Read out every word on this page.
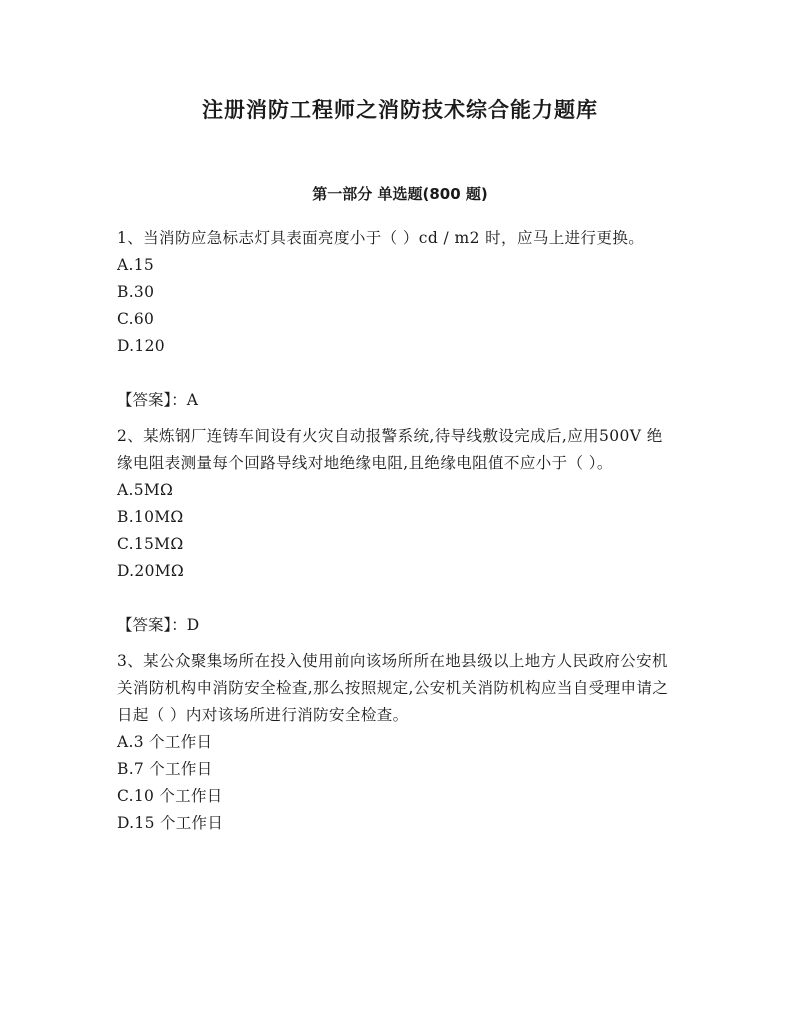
注册消防工程师之消防技术综合能力题库
第一部分 单选题(800 题)

1、当消防应急标志灯具表面亮度小于（ ）cd / m2 时，应马上进行更换。

A.15

B.30

C.60

D.120

【答案】：A

2、某炼钢厂连铸车间设有火灾自动报警系统,待导线敷设完成后,应用500V 绝缘电阻表测量每个回路导线对地绝缘电阻,且绝缘电阻值不应小于（ ）。

A.5MΩ

B.10MΩ

C.15MΩ

D.20MΩ

【答案】：D

3、某公众聚集场所在投入使用前向该场所所在地县级以上地方人民政府公安机关消防机构申消防安全检查,那么按照规定,公安机关消防机构应当自受理申请之日起（ ）内对该场所进行消防安全检查。

A.3 个工作日

B.7 个工作日

C.10 个工作日

D.15 个工作日
